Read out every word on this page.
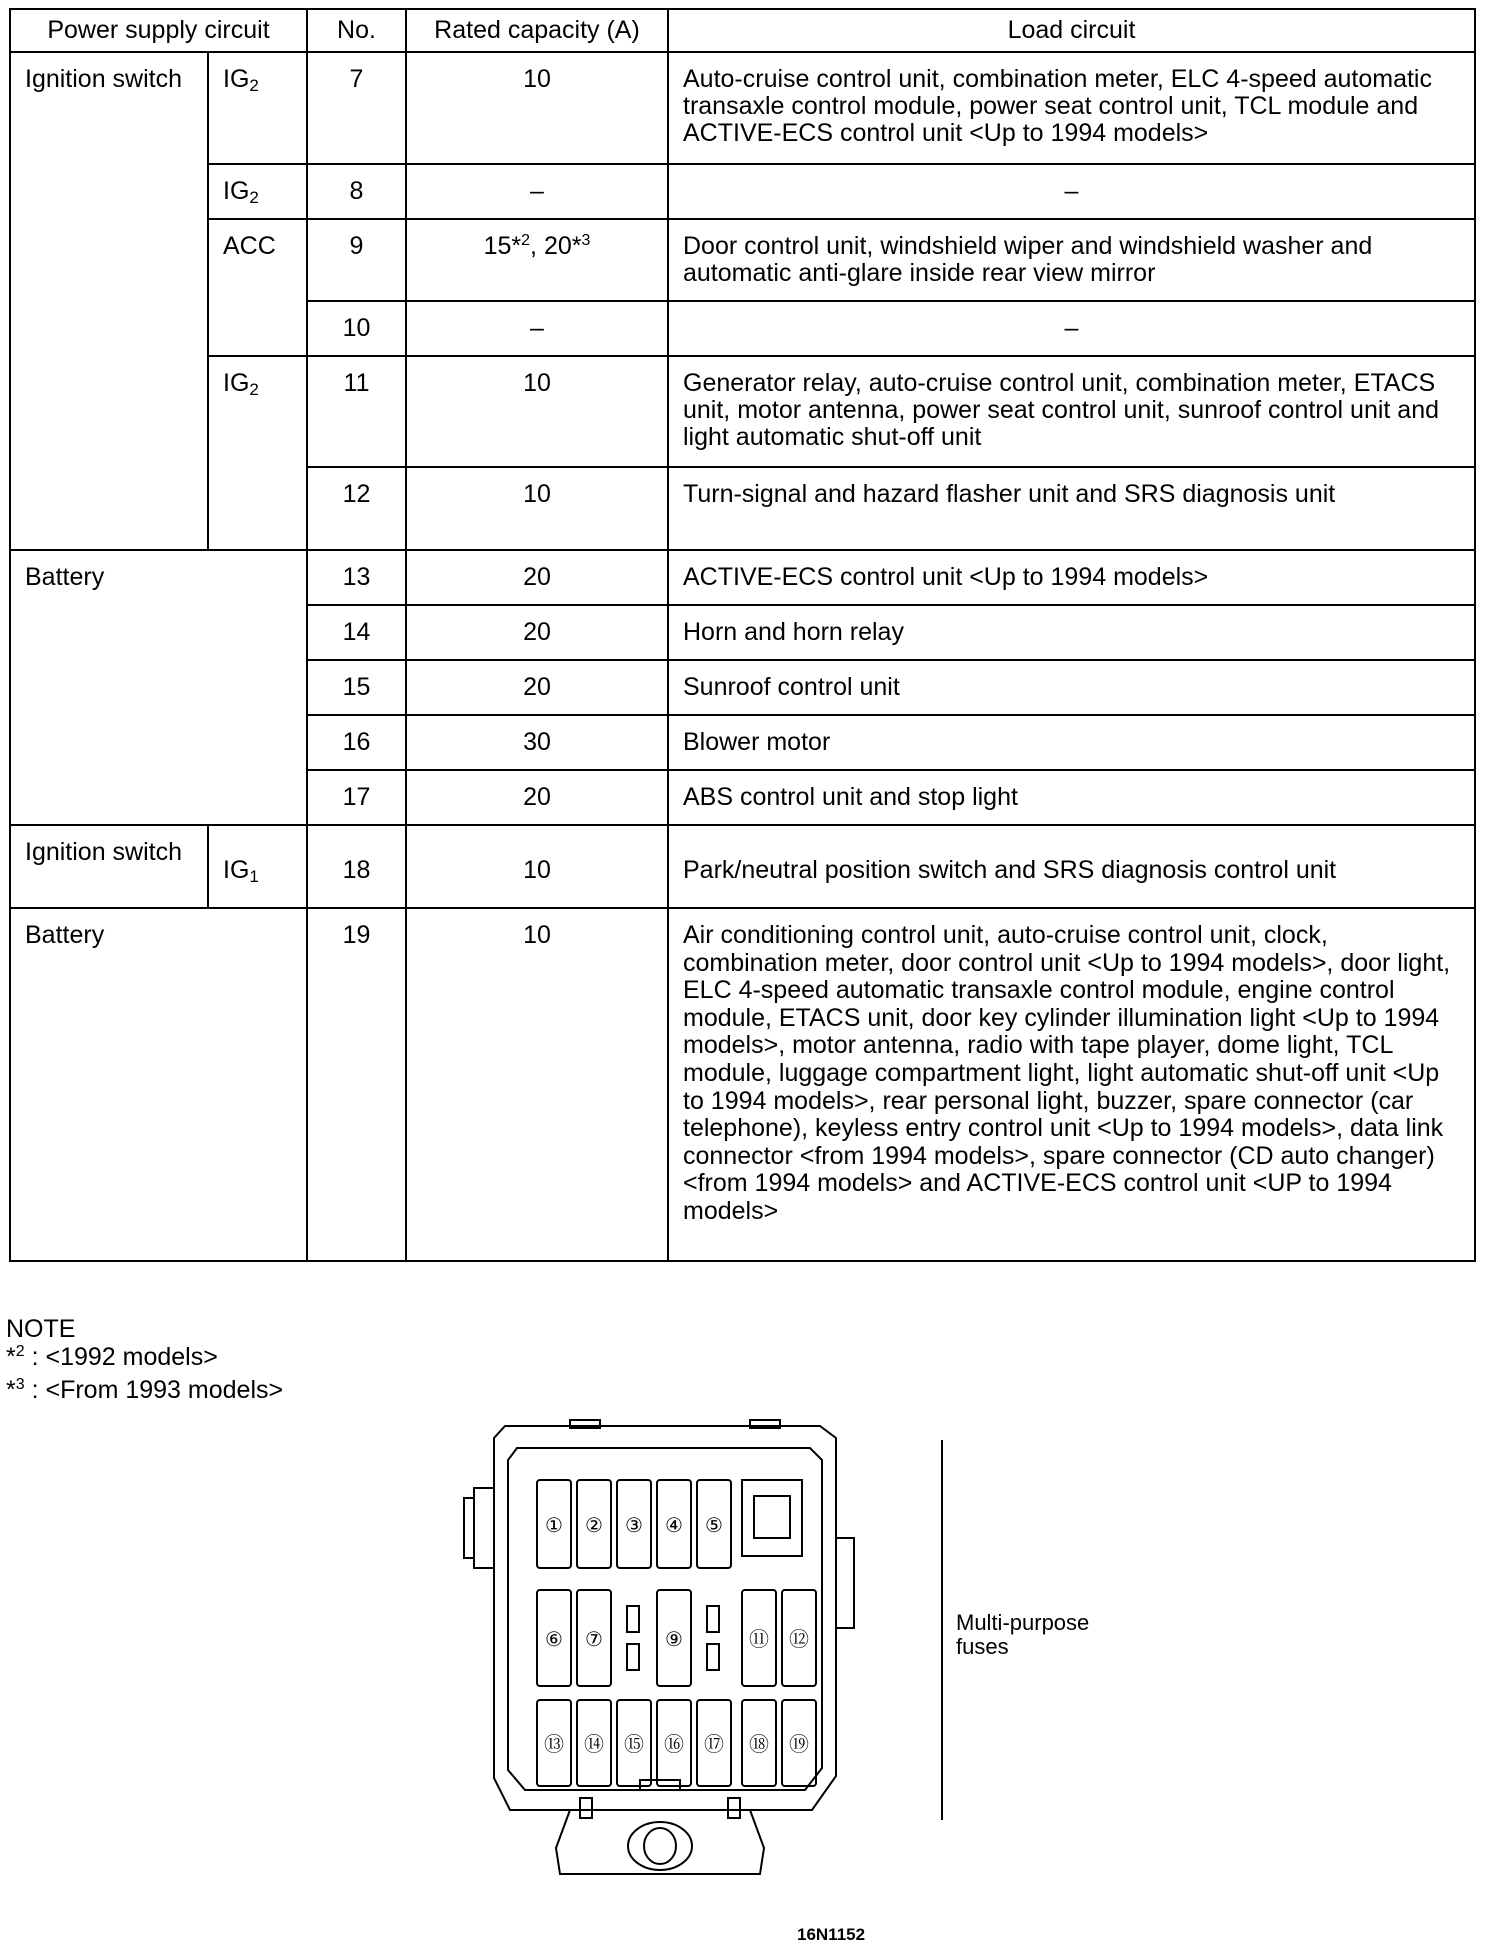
Power supply circuit		No.	Rated capacity (A)	Load circuit
Ignition switch	$IG_2$	7	10	Auto-cruise control unit, combination meter, ELC 4-speed automatic transaxle control module, power seat control unit, TCL module and ACTIVE-ECS control unit <Up to 1994 models>
	$IG_2$	8	–	–
	ACC	9	15*$^2$, 20*$^3$	Door control unit, windshield wiper and windshield washer and automatic anti-glare inside rear view mirror
		10	–	–
	$IG_2$	11	10	Generator relay, auto-cruise control unit, combination meter, ETACS unit, motor antenna, power seat control unit, sunroof control unit and light automatic shut-off unit
		12	10	Turn-signal and hazard flasher unit and SRS diagnosis unit
Battery		13	20	ACTIVE-ECS control unit <Up to 1994 models>
		14	20	Horn and horn relay
		15	20	Sunroof control unit
		16	30	Blower motor
		17	20	ABS control unit and stop light
Ignition switch	$IG_1$	18	10	Park/neutral position switch and SRS diagnosis control unit
Battery		19	10	Air conditioning control unit, auto-cruise control unit, clock, combination meter, door control unit <Up to 1994 models>, door light, ELC 4-speed automatic transaxle control module, engine control module, ETACS unit, door key cylinder illumination light <Up to 1994 models>, motor antenna, radio with tape player, dome light, TCL module, luggage compartment light, light automatic shut-off unit <Up to 1994 models>, rear personal light, buzzer, spare connector (car telephone), keyless entry control unit <Up to 1994 models>, data link connector <from 1994 models>, spare connector (CD auto changer) <from 1994 models> and ACTIVE-ECS control unit <UP to 1994 models>
NOTE
*$^2$ : <1992 models>
*$^3$ : <From 1993 models>
① ② ③ ④ ⑤
⑥ ⑦	⑨	⑪ ⑫
⑬ ⑭ ⑮ ⑯ ⑰ ⑱ ⑲
Multi-purpose fuses
16N1152
